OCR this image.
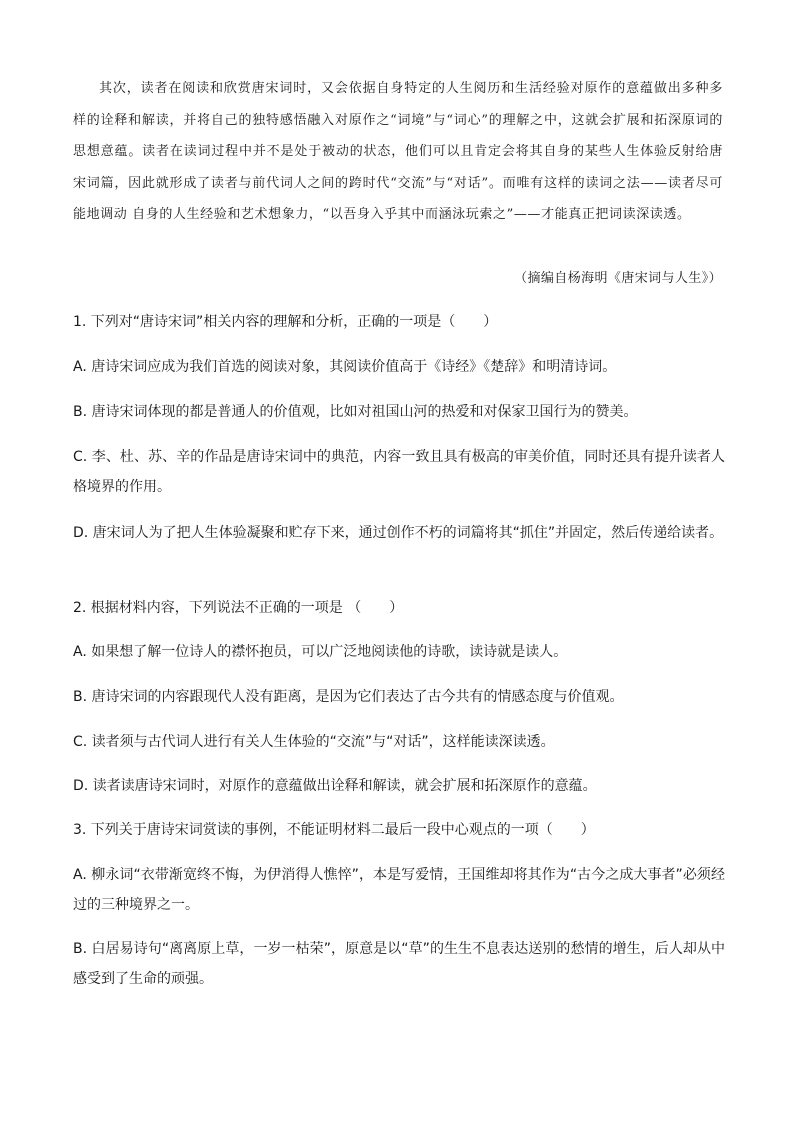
其次，读者在阅读和欣赏唐宋词时，又会依据自身特定的人生阅历和生活经验对原作的意蕴做出多种多样的诠释和解读，并将自己的独特感悟融入对原作之“词境”与“词心”的理解之中，这就会扩展和拓深原词的思想意蕴。读者在读词过程中并不是处于被动的状态，他们可以且肯定会将其自身的某些人生体验反射给唐宋词篇，因此就形成了读者与前代词人之间的跨时代“交流”与“对话”。而唯有这样的读词之法——读者尽可能地调动 自身的人生经验和艺术想象力，“以吾身入乎其中而涵泳玩索之”——才能真正把词读深读透。

（摘编自杨海明《唐宋词与人生》）
1. 下列对“唐诗宋词”相关内容的理解和分析，正确的一项是（　　）
A. 唐诗宋词应成为我们首选的阅读对象，其阅读价值高于《诗经》《楚辞》和明清诗词。
B. 唐诗宋词体现的都是普通人的价值观，比如对祖国山河的热爱和对保家卫国行为的赞美。
C. 李、杜、苏、辛的作品是唐诗宋词中的典范，内容一致且具有极高的审美价值，同时还具有提升读者人格境界的作用。
D. 唐宋词人为了把人生体验凝聚和贮存下来，通过创作不朽的词篇将其“抓住”并固定，然后传递给读者。
2. 根据材料内容，下列说法不正确的一项是 （　　）
A. 如果想了解一位诗人的襟怀抱员，可以广泛地阅读他的诗歌，读诗就是读人。
B. 唐诗宋词的内容跟现代人没有距离，是因为它们表达了古今共有的情感态度与价值观。
C. 读者须与古代词人进行有关人生体验的“交流”与“对话”，这样能读深读透。
D. 读者读唐诗宋词时，对原作的意蕴做出诠释和解读，就会扩展和拓深原作的意蕴。
3. 下列关于唐诗宋词赏读的事例，不能证明材料二最后一段中心观点的一项（　　）
A. 柳永词“衣带渐宽终不悔，为伊消得人憔悴”，本是写爱情，王国维却将其作为“古今之成大事者”必须经过的三种境界之一。
B. 白居易诗句“离离原上草，一岁一枯荣”，原意是以“草”的生生不息表达送别的愁情的增生，后人却从中感受到了生命的顽强。
